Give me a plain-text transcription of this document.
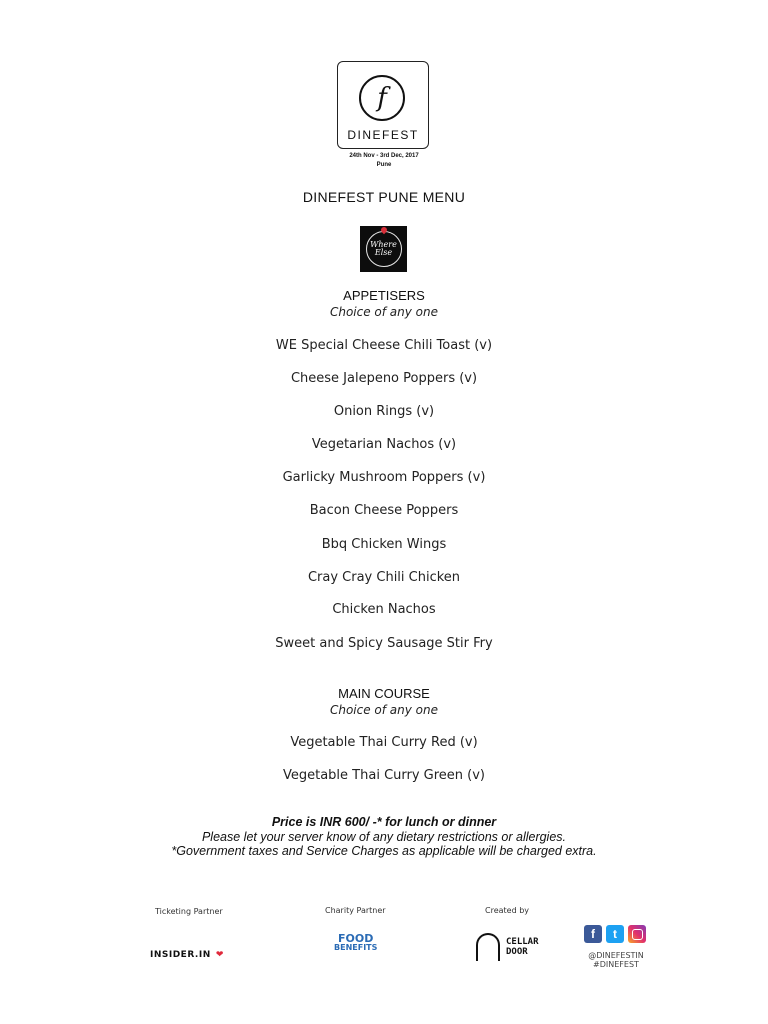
f
DINEFEST
24th Nov - 3rd Dec, 2017
Pune
DINEFEST PUNE MENU
Where
Else
APPETISERS
Choice of any one
WE Special Cheese Chili Toast (v)
Cheese Jalepeno Poppers (v)
Onion Rings (v)
Vegetarian Nachos (v)
Garlicky Mushroom Poppers (v)
Bacon Cheese Poppers
Bbq Chicken Wings
Cray Cray Chili Chicken
Chicken Nachos
Sweet and Spicy Sausage Stir Fry
MAIN COURSE
Choice of any one
Vegetable Thai Curry Red (v)
Vegetable Thai Curry Green (v)
Price is INR 600/ -* for lunch or dinner
Please let your server know of any dietary restrictions or allergies.
*Government taxes and Service Charges as applicable will be charged extra.
Ticketing Partner
INSIDER.IN ❤
Charity Partner
FOOD
BENEFITS
Created by
CELLAR
DOOR
f	t
@DINEFESTIN
#DINEFEST
